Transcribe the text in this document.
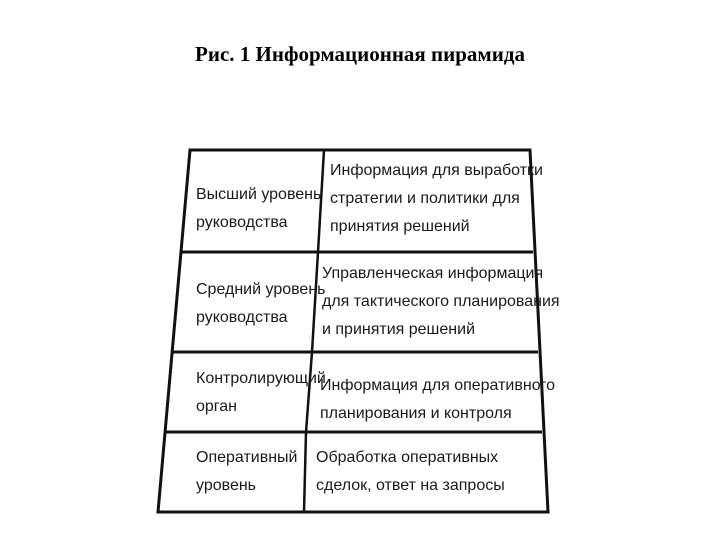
Рис. 1 Информационная пирамида
Высший уровень
руководства
Информация для выработки
стратегии и политики для
принятия решений
Средний уровень
руководства
Управленческая информация
для тактического планирования
и принятия решений
Контролирующий
орган
Информация для оперативного
планирования и контроля
Оперативный
уровень
Обработка оперативных
сделок, ответ на запросы
